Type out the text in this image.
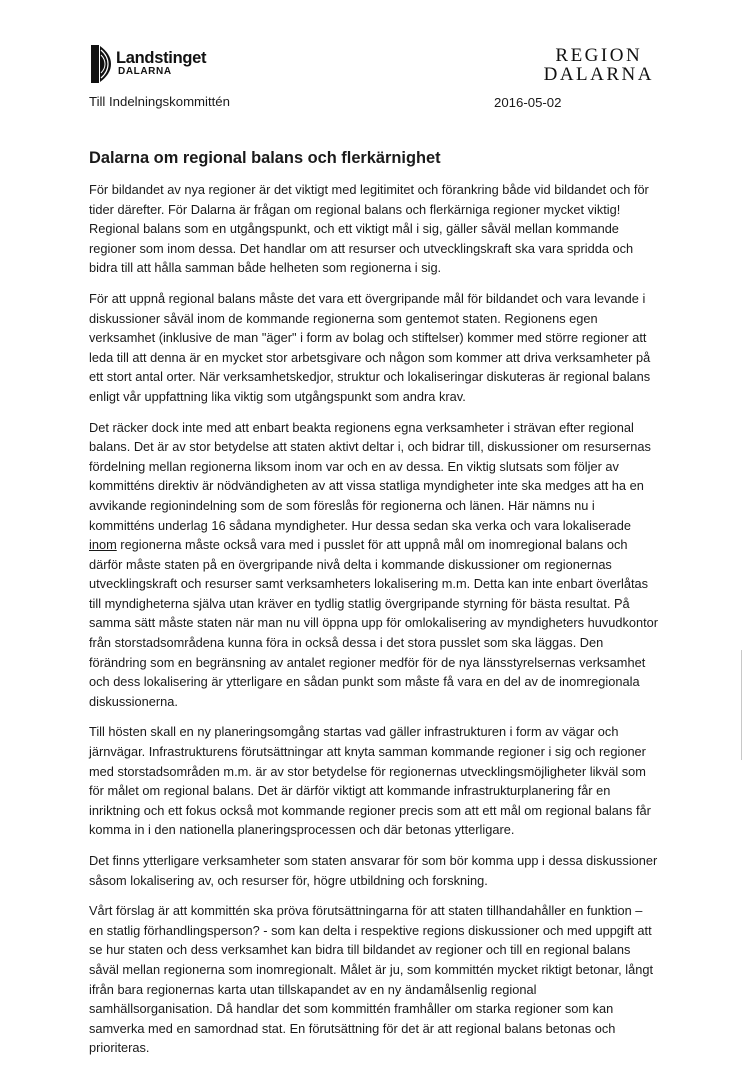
Landstinget
DALARNA
REGION
DALARNA
Till Indelningskommittén	2016-05-02
Dalarna om regional balans och flerkärnighet

För bildandet av nya regioner är det viktigt med legitimitet och förankring både vid bildandet och för tider därefter. För Dalarna är frågan om regional balans och flerkärniga regioner mycket viktig! Regional balans som en utgångspunkt, och ett viktigt mål i sig, gäller såväl mellan kommande regioner som inom dessa. Det handlar om att resurser och utvecklingskraft ska vara spridda och bidra till att hålla samman både helheten som regionerna i sig.

För att uppnå regional balans måste det vara ett övergripande mål för bildandet och vara levande i diskussioner såväl inom de kommande regionerna som gentemot staten. Regionens egen verksamhet (inklusive de man "äger" i form av bolag och stiftelser) kommer med större regioner att leda till att denna är en mycket stor arbetsgivare och någon som kommer att driva verksamheter på ett stort antal orter. När verksamhetskedjor, struktur och lokaliseringar diskuteras är regional balans enligt vår uppfattning lika viktig som utgångspunkt som andra krav.

Det räcker dock inte med att enbart beakta regionens egna verksamheter i strävan efter regional balans. Det är av stor betydelse att staten aktivt deltar i, och bidrar till, diskussioner om resursernas fördelning mellan regionerna liksom inom var och en av dessa. En viktig slutsats som följer av kommitténs direktiv är nödvändigheten av att vissa statliga myndigheter inte ska medges att ha en avvikande regionindelning som de som föreslås för regionerna och länen. Här nämns nu i kommitténs underlag 16 sådana myndigheter. Hur dessa sedan ska verka och vara lokaliserade inom regionerna måste också vara med i pusslet för att uppnå mål om inomregional balans och därför måste staten på en övergripande nivå delta i kommande diskussioner om regionernas utvecklingskraft och resurser samt verksamheters lokalisering m.m. Detta kan inte enbart överlåtas till myndigheterna själva utan kräver en tydlig statlig övergripande styrning för bästa resultat. På samma sätt måste staten när man nu vill öppna upp för omlokalisering av myndigheters huvudkontor från storstadsområdena kunna föra in också dessa i det stora pusslet som ska läggas. Den förändring som en begränsning av antalet regioner medför för de nya länsstyrelsernas verksamhet och dess lokalisering är ytterligare en sådan punkt som måste få vara en del av de inomregionala diskussionerna.

Till hösten skall en ny planeringsomgång startas vad gäller infrastrukturen i form av vägar och järnvägar. Infrastrukturens förutsättningar att knyta samman kommande regioner i sig och regioner med storstadsområden m.m. är av stor betydelse för regionernas utvecklingsmöjligheter likväl som för målet om regional balans. Det är därför viktigt att kommande infrastrukturplanering får en inriktning och ett fokus också mot kommande regioner precis som att ett mål om regional balans får komma in i den nationella planeringsprocessen och där betonas ytterligare.

Det finns ytterligare verksamheter som staten ansvarar för som bör komma upp i dessa diskussioner såsom lokalisering av, och resurser för, högre utbildning och forskning.

Vårt förslag är att kommittén ska pröva förutsättningarna för att staten tillhandahåller en funktion – en statlig förhandlingsperson? - som kan delta i respektive regions diskussioner och med uppgift att se hur staten och dess verksamhet kan bidra till bildandet av regioner och till en regional balans såväl mellan regionerna som inomregionalt. Målet är ju, som kommittén mycket riktigt betonar, långt ifrån bara regionernas karta utan tillskapandet av en ny ändamålsenlig regional samhällsorganisation. Då handlar det som kommittén framhåller om starka regioner som kan samverka med en samordnad stat. En förutsättning för det är att regional balans betonas och prioriteras.
